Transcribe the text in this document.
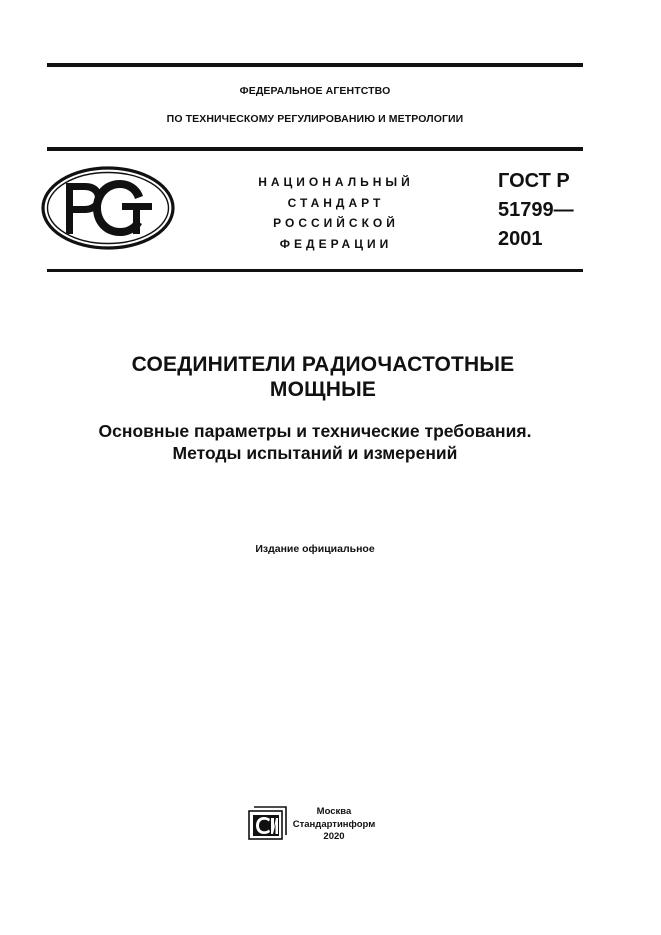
ФЕДЕРАЛЬНОЕ АГЕНТСТВО
ПО ТЕХНИЧЕСКОМУ РЕГУЛИРОВАНИЮ И МЕТРОЛОГИИ
НАЦИОНАЛЬНЫЙ
СТАНДАРТ
РОССИЙСКОЙ
ФЕДЕРАЦИИ
ГОСТ Р
51799—
2001
СОЕДИНИТЕЛИ РАДИОЧАСТОТНЫЕ
МОЩНЫЕ
Основные параметры и технические требования.
Методы испытаний и измерений
Издание официальное
Москва
Стандартинформ
2020
